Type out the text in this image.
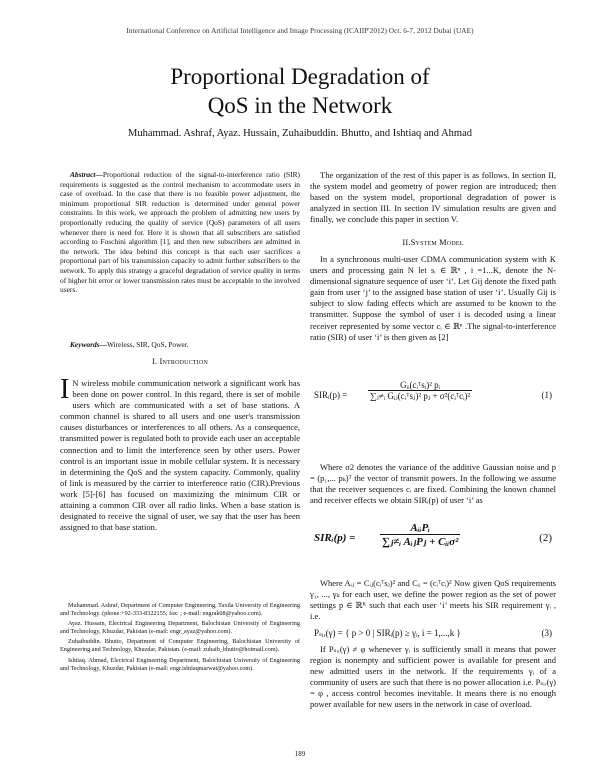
International Conference on Artificial Intelligence and Image Processing (ICAIIP'2012) Oct. 6-7, 2012 Dubai (UAE)
Proportional Degradation of
QoS in the Network
Muhammad. Ashraf, Ayaz. Hussain, Zuhaibuddin. Bhutto, and Ishtiaq and Ahmad
Abstract—Proportional reduction of the signal-to-interference ratio (SIR) requirements is suggested as the control mechanism to accommodate users in case of overload. In the case that there is no feasible power adjustment, the minimum proportional SIR reduction is determined under general power constraints. In this work, we approach the problem of admitting new users by proportionally reducing the quality of service (QoS) parameters of all users whenever there is need for. Here it is shown that all subscribers are satisfied according to Foschini algorithm [1], and then new subscribers are admitted in the network. The idea behind this concept is that each user sacrifices a proportional part of his transmission capacity to admit further subscribers to the network. To apply this strategy a graceful degradation of service quality in terms of higher bit error or lower transmission rates must be acceptable to the involved users.
Keywords—Wireless, SIR, QoS, Power.
I. Introduction
I N wireless mobile communication network a significant work has been done on power control. In this regard, there is set of mobile users which are communicated with a set of base stations. A common channel is shared to all users and one user's transmission causes disturbances or interferences to all others. As a consequence, transmitted power is regulated both to provide each user an acceptable connection and to limit the interference seen by other users. Power control is an important issue in mobile cellular system. It is necessary in determining the QoS and the system capacity. Commonly, quality of link is measured by the carrier to interference ratio (CIR).Previous work [5]-[6] has focused on maximizing the minimum CIR or attaining a common CIR over all radio links. When a base station is designated to receive the signal of user, we say that the user has been assigned to that base station.

Muhammad. Ashraf, Department of Computer Engineering, Taxila University of Engineering and Technology. (phone:+92-333-8322155; fax: ; e-mail: engrak08@yahoo.com).

Ayaz. Hussain, Electrical Engineering Department, Balochistan University of Engineering and Technology, Khuzdar, Pakistan (e-mail: engr_ayaz@yahoo.com).

Zuhaibuddin. Bhutto, Department of Computer Engineering, Balochistan University of Engineering and Technology, Khuzdar, Pakistan. (e-mail: zuhaib_bhutto@hotmail.com).

Ishtiaq. Ahmad, Electrical Engineering Department, Balochistan University of Engineering and Technology, Khuzdar, Pakistan (e-mail: engr.ishtiaqmarwat@yahoo.com).

The organization of the rest of this paper is as follows. In section II, the system model and geometry of power region are introduced; then based on the system model, proportional degradation of power is analyzed in section III. In section IV simulation results are given and finally, we conclude this paper in section V.
II.System Model
In a synchronous multi-user CDMA communication system with K users and processing gain N let sᵢ ∈ ℝⁿ , i =1...K, denote the N-dimensional signature sequence of user ‘i’. Let Gij denote the fixed path gain from user ‘j’ to the assigned base station of user ‘i’. Usually Gij is subject to slow fading effects which are assumed to be known to the transmitter. Suppose the symbol of user i is decoded using a linear receiver represented by some vector cᵢ ∈ ℝⁿ .The signal-to-interference ratio (SIR) of user ‘i’ is then given as [2]
SIRᵢ(p) =
Gᵢᵢ(cᵢᵀsᵢ)² pᵢ
∑ⱼ≠ᵢ Gᵢⱼ(cᵢᵀsⱼ)² pⱼ + σ²(cᵢᵀcᵢ)²	(1)
Where σ2 denotes the variance of the additive Gaussian noise and p = (p₁,... pₖ)ᵀ the vector of transmit powers. In the following we assume that the receiver sequences cᵢ are fixed. Combining the known channel and receiver effects we obtain SIRᵢ(p) of user ‘i’ as
SIRᵢ(p) =
AᵢᵢPᵢ
∑ⱼ≠ᵢ AᵢⱼPⱼ + Cᵢᵢσ²	(2)
Where Aᵢⱼ = Cᵢⱼ(cᵢᵀsⱼ)² and Cᵢᵢ = (cᵢᵀcᵢ)² Now given QoS requirements γ₁, ..., γₖ for each user, we define the power region as the set of power settings p ∈ ℝᴷ such that each user ‘i’ meets his SIR requirement γᵢ , i.e.
Pₛᵢᵣ(γ) = { p > 0 | SIRᵢ(p) ≥ γᵢ, i = 1,...,k }	(3)
If Pₛᵢᵣ(γ) ≠ φ whenever γᵢ is sufficiently small it means that power region is nonempty and sufficient power is available for present and new admitted users in the network. If the requirements γᵢ of a community of users are such that there is no power allocation i.e. Pₛᵢᵣ(γ) = φ , access control becomes inevitable. It means there is no enough power available for new users in the network in case of overload.
189
